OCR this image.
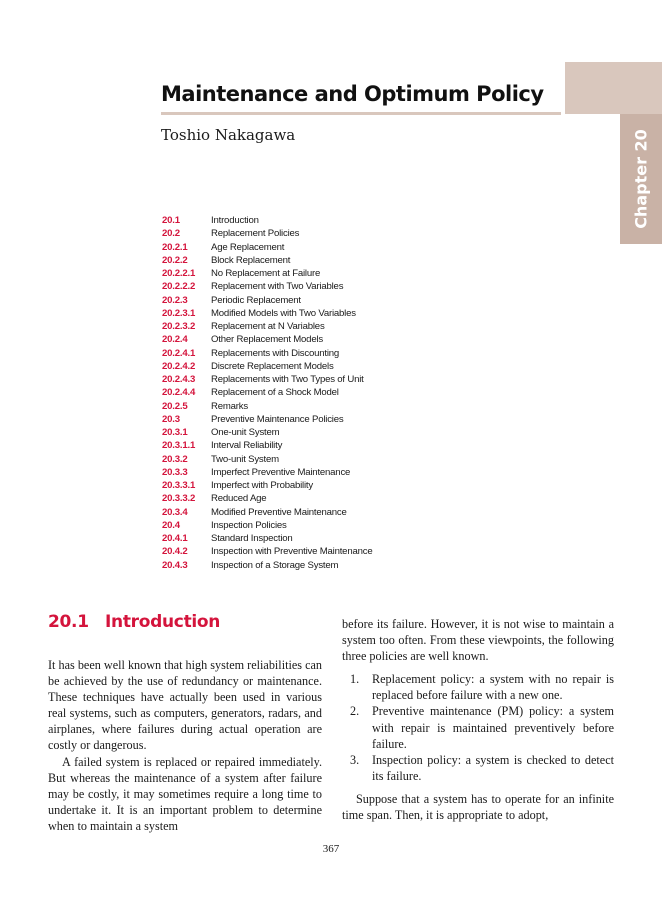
Chapter 20
Maintenance and Optimum Policy

Toshio Nakagawa

20.1	Introduction
20.2	Replacement Policies
20.2.1 Age Replacement
20.2.2 Block Replacement
20.2.2.1 No Replacement at Failure
20.2.2.2 Replacement with Two Variables
20.2.3 Periodic Replacement
20.2.3.1 Modified Models with Two Variables
20.2.3.2 Replacement at N Variables
20.2.4 Other Replacement Models
20.2.4.1 Replacements with Discounting
20.2.4.2 Discrete Replacement Models
20.2.4.3 Replacements with Two Types of Unit
20.2.4.4 Replacement of a Shock Model
20.2.5 Remarks
20.3	Preventive Maintenance Policies
20.3.1 One-unit System
20.3.1.1 Interval Reliability
20.3.2 Two-unit System
20.3.3 Imperfect Preventive Maintenance
20.3.3.1 Imperfect with Probability
20.3.3.2 Reduced Age
20.3.4 Modified Preventive Maintenance
20.4	Inspection Policies
20.4.1 Standard Inspection
20.4.2 Inspection with Preventive Maintenance
20.4.3 Inspection of a Storage System
20.1 Introduction

It has been well known that high system reliabilities can be achieved by the use of redundancy or maintenance. These techniques have actually been used in various real systems, such as computers, generators, radars, and airplanes, where failures during actual operation are costly or dangerous.

A failed system is replaced or repaired immediately. But whereas the maintenance of a system after failure may be costly, it may sometimes require a long time to undertake it. It is an important problem to determine when to maintain a system

before its failure. However, it is not wise to maintain a system too often. From these viewpoints, the following three policies are well known.

1. Replacement policy: a system with no repair is replaced before failure with a new one.
2. Preventive maintenance (PM) policy: a system with repair is maintained preventively before failure.
3. Inspection policy: a system is checked to detect its failure.

Suppose that a system has to operate for an infinite time span. Then, it is appropriate to adopt,

367
